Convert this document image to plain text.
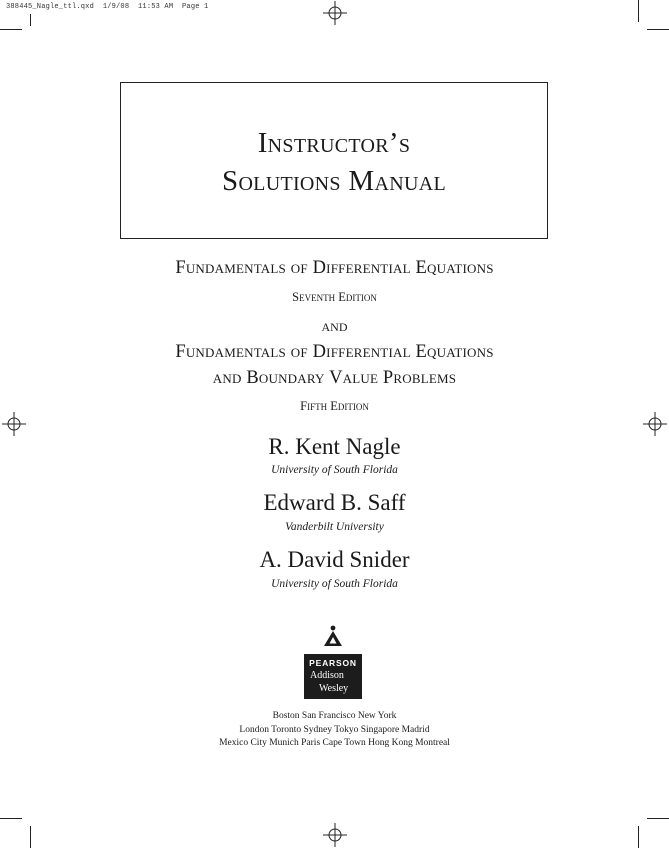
388445_Nagle_ttl.qxd  1/9/08  11:53 AM  Page 1
Instructor’s
Solutions Manual
Fundamentals of Differential Equations
Seventh Edition
and
Fundamentals of Differential Equations
and Boundary Value Problems
Fifth Edition
R. Kent Nagle
University of South Florida
Edward B. Saff
Vanderbilt University
A. David Snider
University of South Florida
PEARSON
Addison
Wesley
Boston San Francisco New York
London Toronto Sydney Tokyo Singapore Madrid
Mexico City Munich Paris Cape Town Hong Kong Montreal
